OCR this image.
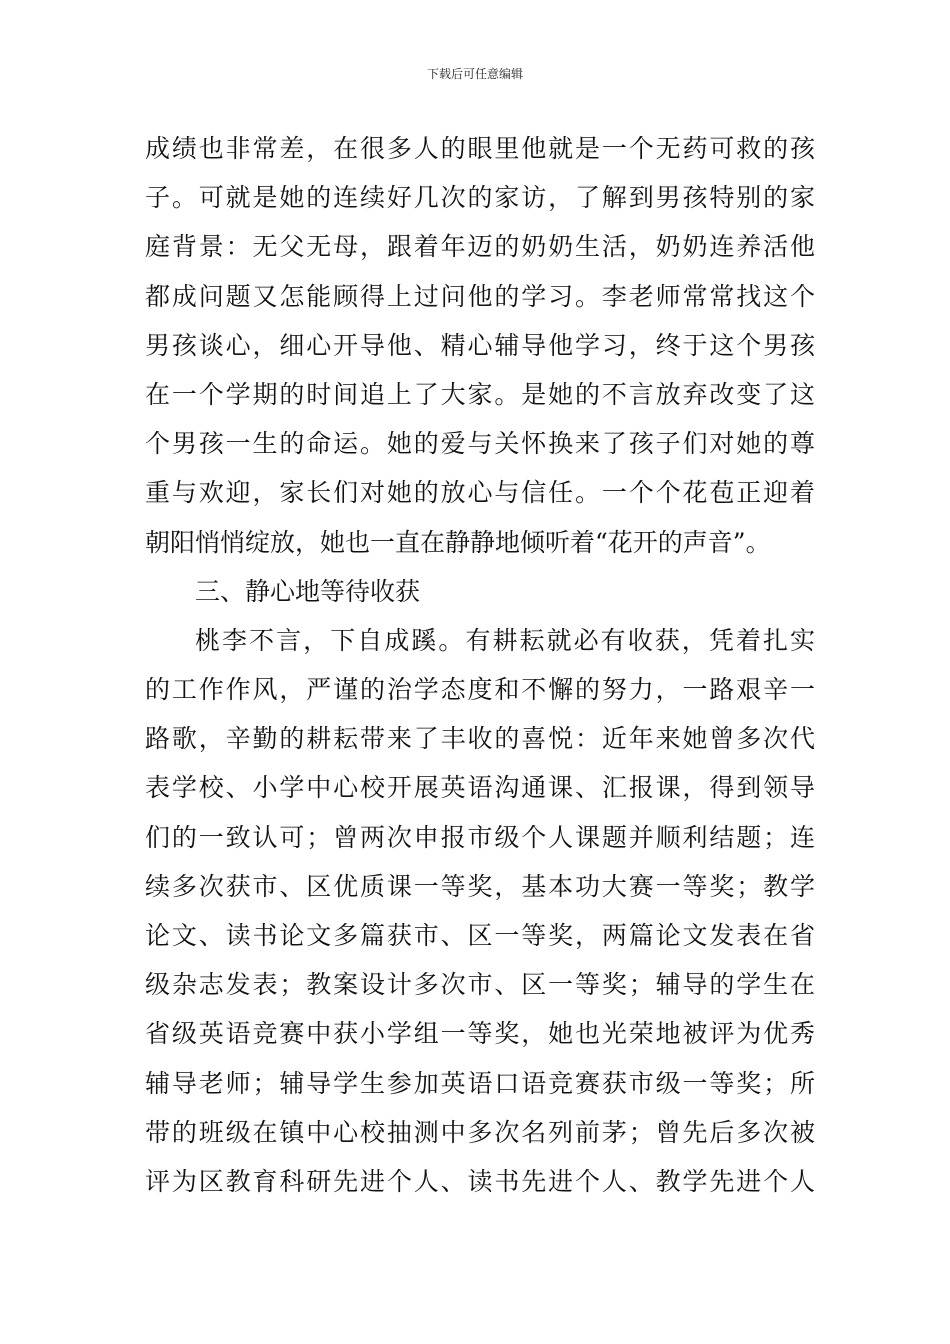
下载后可任意编辑
成绩也非常差，在很多人的眼里他就是一个无药可救的孩
子。可就是她的连续好几次的家访，了解到男孩特别的家
庭背景：无父无母，跟着年迈的奶奶生活，奶奶连养活他
都成问题又怎能顾得上过问他的学习。李老师常常找这个
男孩谈心，细心开导他、精心辅导他学习，终于这个男孩
在一个学期的时间追上了大家。是她的不言放弃改变了这
个男孩一生的命运。她的爱与关怀换来了孩子们对她的尊
重与欢迎，家长们对她的放心与信任。一个个花苞正迎着
朝阳悄悄绽放，她也一直在静静地倾听着“花开的声音”。
三、静心地等待收获
桃李不言，下自成蹊。有耕耘就必有收获，凭着扎实
的工作作风，严谨的治学态度和不懈的努力，一路艰辛一
路歌，辛勤的耕耘带来了丰收的喜悦：近年来她曾多次代
表学校、小学中心校开展英语沟通课、汇报课，得到领导
们的一致认可；曾两次申报市级个人课题并顺利结题；连
续多次获市、区优质课一等奖，基本功大赛一等奖；教学
论文、读书论文多篇获市、区一等奖，两篇论文发表在省
级杂志发表；教案设计多次市、区一等奖；辅导的学生在
省级英语竞赛中获小学组一等奖，她也光荣地被评为优秀
辅导老师；辅导学生参加英语口语竞赛获市级一等奖；所
带的班级在镇中心校抽测中多次名列前茅；曾先后多次被
评为区教育科研先进个人、读书先进个人、教学先进个人
